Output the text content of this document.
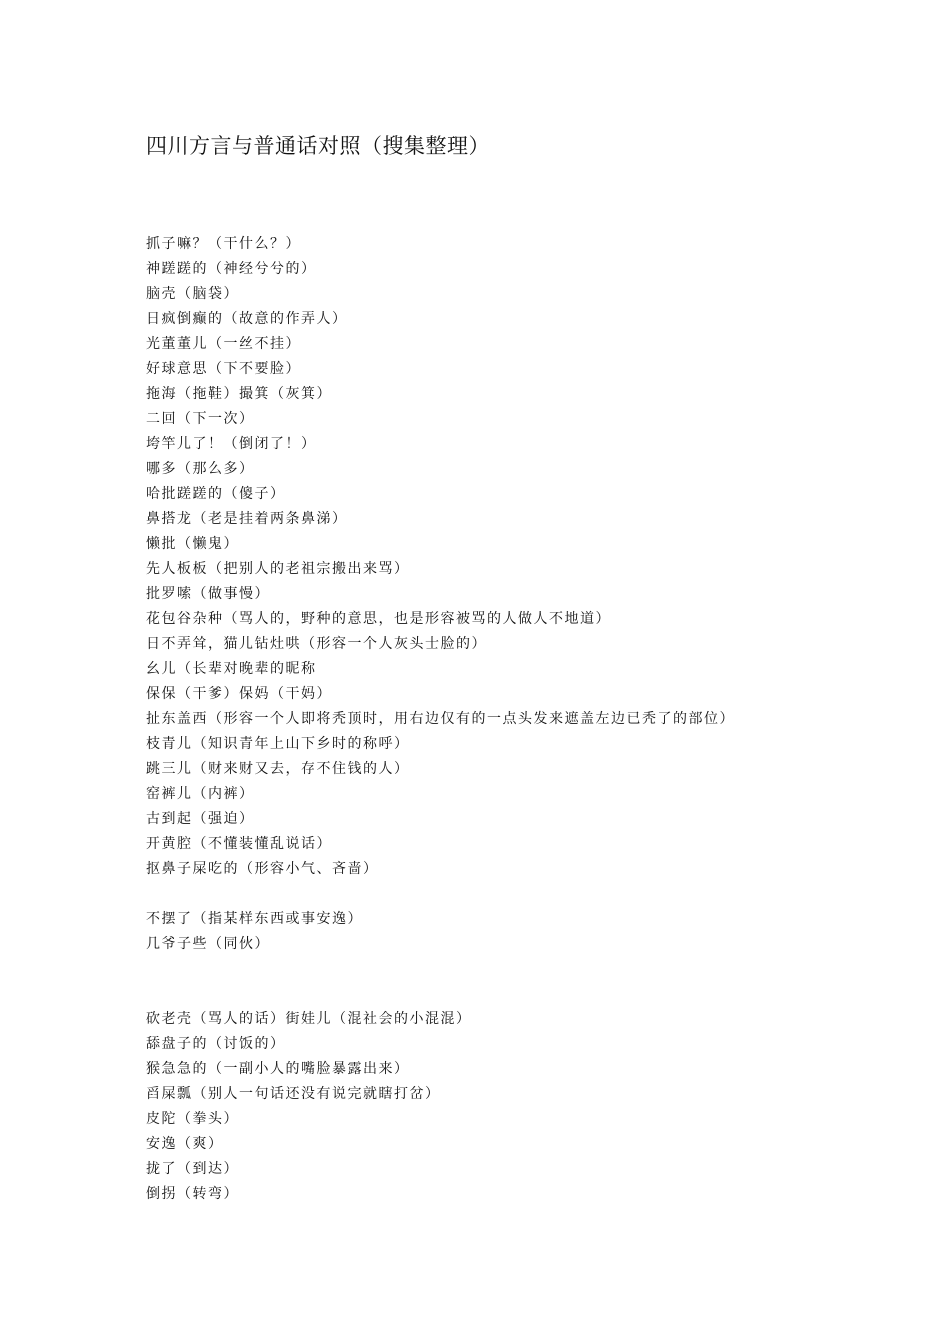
四川方言与普通话对照（搜集整理）
抓子嘛？（干什么？）
神蹉蹉的（神经兮兮的）
脑壳（脑袋）
日疯倒癫的（故意的作弄人）
光董董儿（一丝不挂）
好球意思（下不要脸）
拖海（拖鞋）撮箕（灰箕）
二回（下一次）
垮竿儿了！（倒闭了！）
哪多（那么多）
哈批蹉蹉的（傻子）
鼻搭龙（老是挂着两条鼻涕）
懒批（懒鬼）
先人板板（把别人的老祖宗搬出来骂）
批罗嗦（做事慢）
花包谷杂种（骂人的，野种的意思，也是形容被骂的人做人不地道）
日不弄耸，猫儿钻灶哄（形容一个人灰头士脸的）
幺儿（长辈对晚辈的昵称
保保（干爹）保妈（干妈）
扯东盖西（形容一个人即将秃顶时，用右边仅有的一点头发来遮盖左边已秃了的部位）
枝青儿（知识青年上山下乡时的称呼）
跳三儿（财来财又去，存不住钱的人）
窑裤儿（内裤）
古到起（强迫）
开黄腔（不懂装懂乱说话）
抠鼻子屎吃的（形容小气、吝啬）
不摆了（指某样东西或事安逸）
几爷子些（同伙）
砍老壳（骂人的话）街娃儿（混社会的小混混）
舔盘子的（讨饭的）
猴急急的（一副小人的嘴脸暴露出来）
舀屎瓢（别人一句话还没有说完就瞎打岔）
皮陀（拳头）
安逸（爽）
拢了（到达）
倒拐（转弯）
